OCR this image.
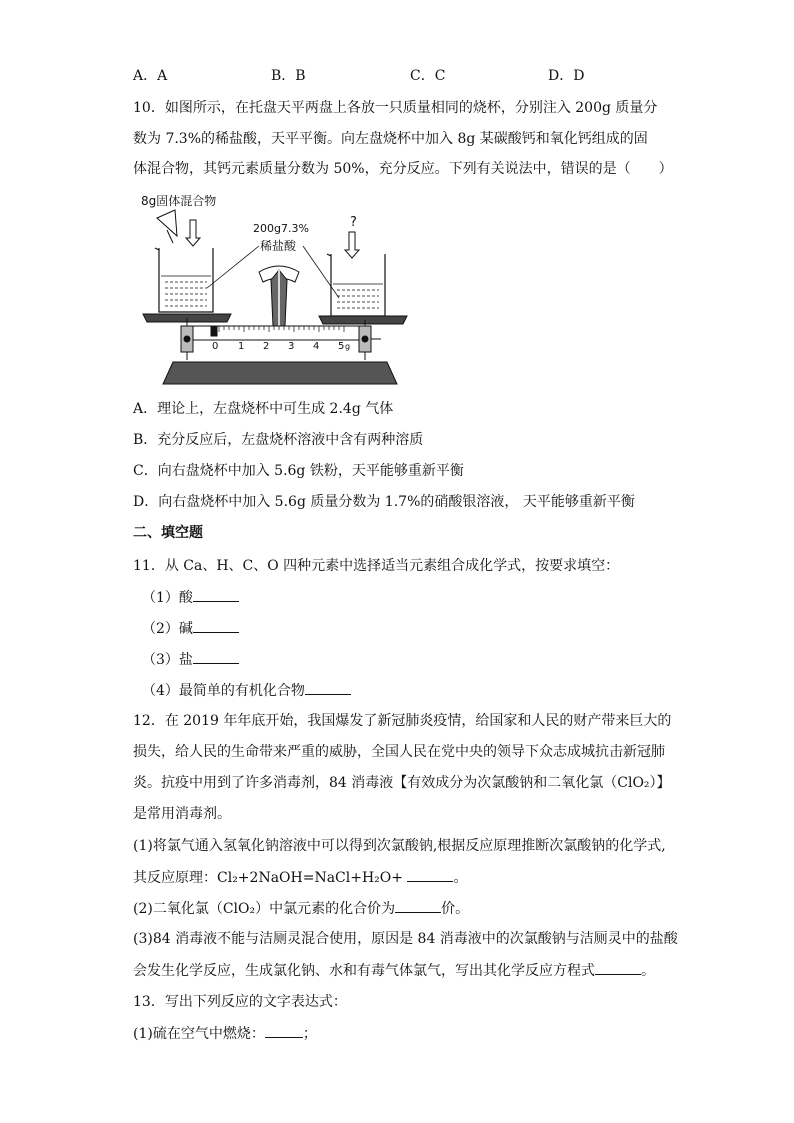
A．A	B．B	C．C	D．D
10．如图所示，在托盘天平两盘上各放一只质量相同的烧杯，分别注入 200g 质量分
数为 7.3%的稀盐酸，天平平衡。向左盘烧杯中加入 8g 某碳酸钙和氧化钙组成的固
体混合物，其钙元素质量分数为 50%，充分反应。下列有关说法中，错误的是（　　）
8g固体混合物
200g7.3%
稀盐酸
?
0 1 2 3 4 5 g
A．理论上，左盘烧杯中可生成 2.4g 气体
B．充分反应后，左盘烧杯溶液中含有两种溶质
C．向右盘烧杯中加入 5.6g 铁粉，天平能够重新平衡
D．向右盘烧杯中加入 5.6g 质量分数为 1.7%的硝酸银溶液， 天平能够重新平衡
二、填空题
11．从 Ca、H、C、O 四种元素中选择适当元素组合成化学式，按要求填空：
（1）酸
（2）碱
（3）盐
（4）最简单的有机化合物
12．在 2019 年年底开始，我国爆发了新冠肺炎疫情，给国家和人民的财产带来巨大的
损失，给人民的生命带来严重的威胁，全国人民在党中央的领导下众志成城抗击新冠肺
炎。抗疫中用到了许多消毒剂，84 消毒液【有效成分为次氯酸钠和二氧化氯（ClO₂）】
是常用消毒剂。
(1)将氯气通入氢氧化钠溶液中可以得到次氯酸钠,根据反应原理推断次氯酸钠的化学式,
其反应原理：Cl₂+2NaOH=NaCl+H₂O+	。
(2)二氧化氯（ClO₂）中氯元素的化合价为	价。
(3)84 消毒液不能与洁厕灵混合使用，原因是 84 消毒液中的次氯酸钠与洁厕灵中的盐酸
会发生化学反应，生成氯化钠、水和有毒气体氯气，写出其化学反应方程式	。
13．写出下列反应的文字表达式：
(1)硫在空气中燃烧：	；
